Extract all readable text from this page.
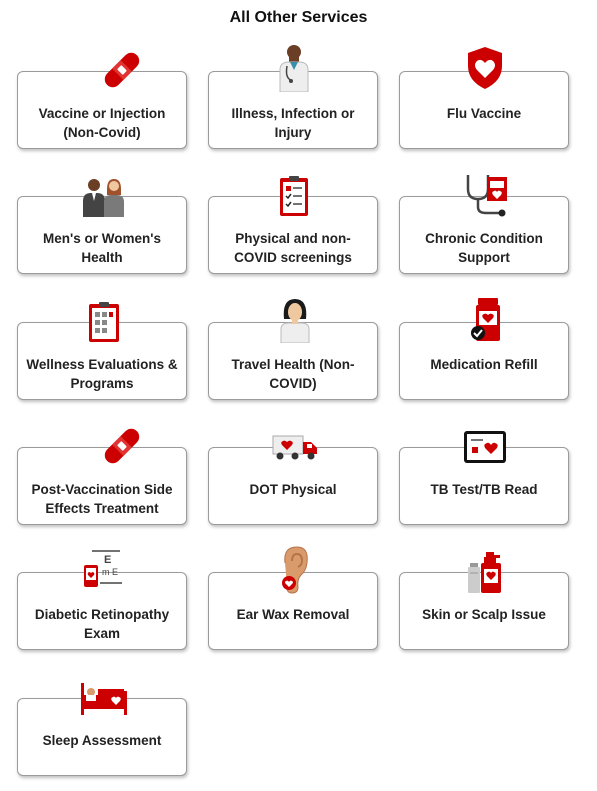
All Other Services
Vaccine or Injection (Non-Covid)
Illness, Infection or Injury
Flu Vaccine
Men's or Women's Health
Physical and non-COVID screenings
Chronic Condition Support
Wellness Evaluations & Programs
Travel Health (Non-COVID)
Medication Refill
Post-Vaccination Side Effects Treatment
DOT Physical	TB Test/TB Read
E
m E
Diabetic Retinopathy Exam
Ear Wax Removal	Skin or Scalp Issue
Sleep Assessment
